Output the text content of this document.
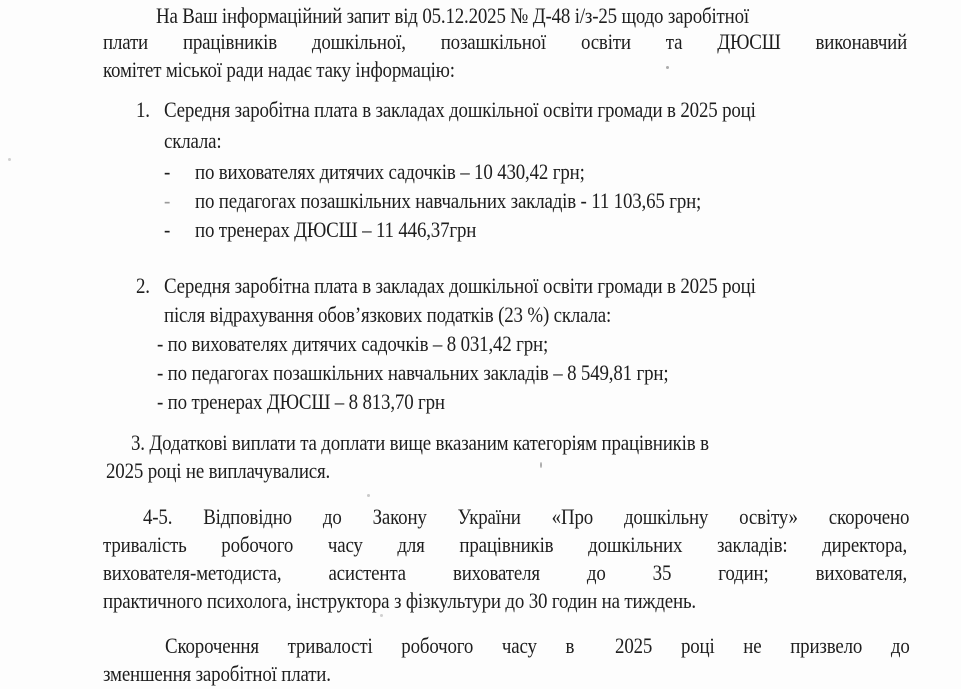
На Ваш інформаційний запит від 05.12.2025 № Д-48 і/з-25 щодо заробітної
плати працівників дошкільної, позашкільної освіти та ДЮСШ виконавчий
комітет міської ради надає таку інформацію:
1. Середня заробітна плата в закладах дошкільної освіти громади в 2025 році
склала:
- по вихователях дитячих садочків – 10 430,42 грн;
- по педагогах позашкільних навчальних закладів - 11 103,65 грн;
- по тренерах ДЮСШ – 11 446,37грн
2. Середня заробітна плата в закладах дошкільної освіти громади в 2025 році
після відрахування обов’язкових податків (23 %) склала:
- по вихователях дитячих садочків – 8 031,42 грн;
- по педагогах позашкільних навчальних закладів – 8 549,81 грн;
- по тренерах ДЮСШ – 8 813,70 грн
3. Додаткові виплати та доплати вище вказаним категоріям працівників в
2025 році не виплачувалися.
4-5. Відповідно до Закону України «Про дошкільну освіту» скорочено
тривалість робочого часу для працівників дошкільних закладів: директора,
вихователя-методиста, асистента вихователя до 35 годин; вихователя,
практичного психолога, інструктора з фізкультури до 30 годин на тиждень.
Скорочення тривалості робочого часу в 2025 році не призвело до
зменшення заробітної плати.
